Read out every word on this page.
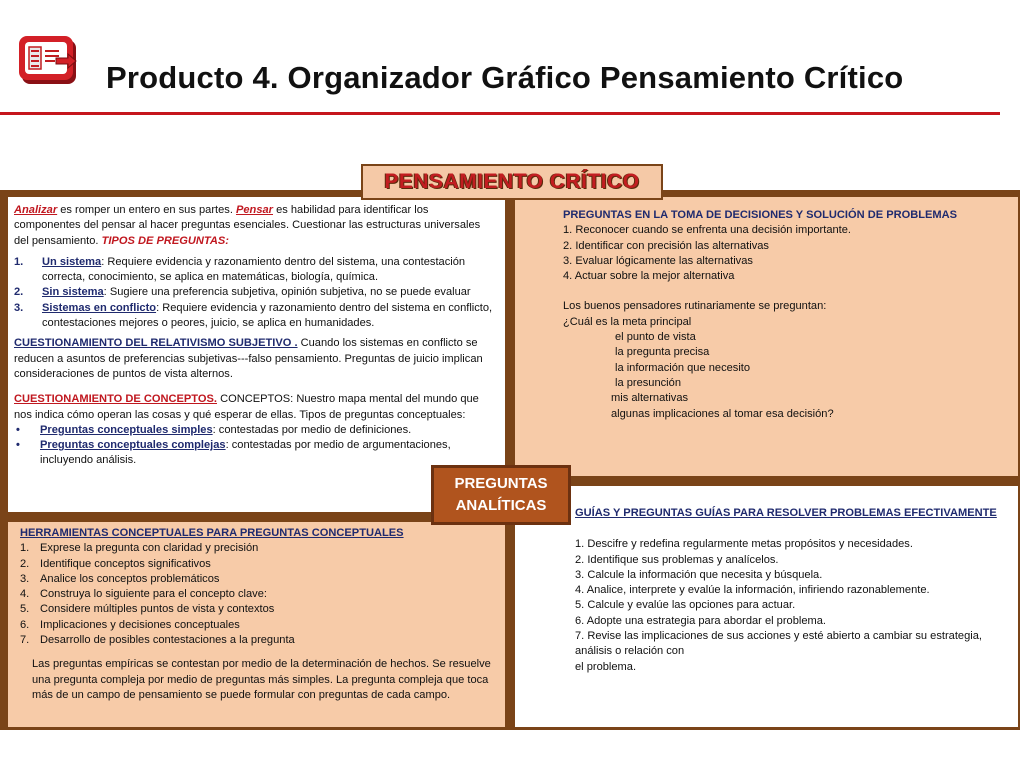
Producto 4. Organizador Gráfico Pensamiento Crítico
Analizar es romper un entero en sus partes. Pensar es habilidad para identificar los componentes del pensar al hacer preguntas esenciales. Cuestionar las estructuras universales del pensamiento. TIPOS DE PREGUNTAS:
1.	Un sistema: Requiere evidencia y razonamiento dentro del sistema, una contestación correcta, conocimiento, se aplica en matemáticas, biología, química.
2.	Sin sistema: Sugiere una preferencia subjetiva, opinión subjetiva, no se puede evaluar
3.	Sistemas en conflicto: Requiere evidencia y razonamiento dentro del sistema en conflicto, contestaciones mejores o peores, juicio, se aplica en humanidades.
CUESTIONAMIENTO DEL RELATIVISMO SUBJETIVO . Cuando los sistemas en conflicto se reducen a asuntos de preferencias subjetivas---falso pensamiento. Preguntas de juicio implican consideraciones de puntos de vista alternos.
CUESTIONAMIENTO DE CONCEPTOS. CONCEPTOS: Nuestro mapa mental del mundo que nos indica cómo operan las cosas y qué esperar de ellas. Tipos de preguntas conceptuales:
•	Preguntas conceptuales simples: contestadas por medio de definiciones.
•	Preguntas conceptuales complejas: contestadas por medio de argumentaciones, incluyendo análisis.
PREGUNTAS EN LA TOMA DE DECISIONES Y SOLUCIÓN DE PROBLEMAS
1. Reconocer cuando se enfrenta una decisión importante.
2. Identificar con precisión las alternativas
3. Evaluar lógicamente las alternativas
4. Actuar sobre la mejor alternativa
Los buenos pensadores rutinariamente se preguntan:
¿Cuál es la meta principal
el punto de vista
la pregunta precisa
la información que necesito
la presunción
mis alternativas
algunas implicaciones al tomar esa decisión?
HERRAMIENTAS CONCEPTUALES PARA PREGUNTAS CONCEPTUALES
1. Exprese la pregunta con claridad y precisión
2. Identifique conceptos significativos
3. Analice los conceptos problemáticos
4. Construya lo siguiente para el concepto clave:
5. Considere múltiples puntos de vista y contextos
6. Implicaciones y decisiones conceptuales
7. Desarrollo de posibles contestaciones a la pregunta
Las preguntas empíricas se contestan por medio de la determinación de hechos. Se resuelve una pregunta compleja por medio de preguntas más simples. La pregunta compleja que toca más de un campo de pensamiento se puede formular con preguntas de cada campo.
GUÍAS Y PREGUNTAS GUÍAS PARA RESOLVER PROBLEMAS EFECTIVAMENTE
1. Descifre y redefina regularmente metas propósitos y necesidades.
2. Identifique sus problemas y analícelos.
3. Calcule la información que necesita y búsquela.
4. Analice, interprete y evalúe la información, infiriendo razonablemente.
5. Calcule y evalúe las opciones para actuar.
6. Adopte una estrategia para abordar el problema.
7. Revise las implicaciones de sus acciones y esté abierto a cambiar su estrategia, análisis o relación con
el problema.
PENSAMIENTO CRÍTICO
PREGUNTAS
ANALÍTICAS
